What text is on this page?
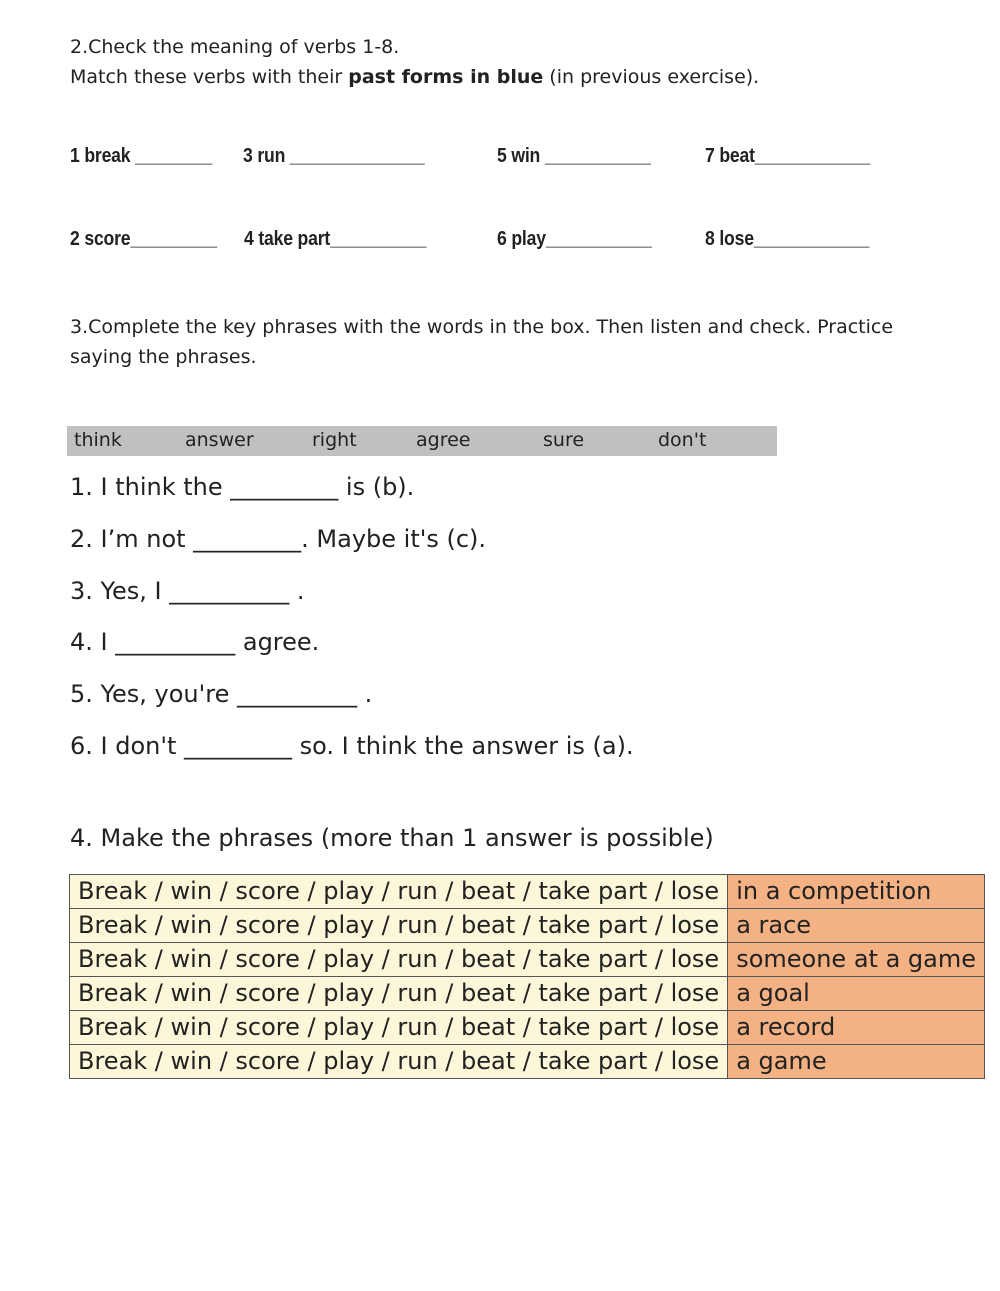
2.Check the meaning of verbs 1-8.
Match these verbs with their past forms in blue (in previous exercise).
1 break ________ 3 run ______________	5 win ___________	7 beat____________
2 score_________ 4 take part__________	6 play___________	8 lose____________
3.Complete the key phrases with the words in the box. Then listen and check. Practice saying the phrases.
think	answer	right	agree	sure	don't
1. I think the _________ is (b).
2. I’m not _________. Maybe it's (c).
3. Yes, I __________ .
4. I __________ agree.
5. Yes, you're __________ .
6. I don't _________ so. I think the answer is (a).
4. Make the phrases (more than 1 answer is possible)
Break / win / score / play / run / beat / take part / lose	in a competition
Break / win / score / play / run / beat / take part / lose	a race
Break / win / score / play / run / beat / take part / lose	someone at a game
Break / win / score / play / run / beat / take part / lose	a goal
Break / win / score / play / run / beat / take part / lose	a record
Break / win / score / play / run / beat / take part / lose	a game
